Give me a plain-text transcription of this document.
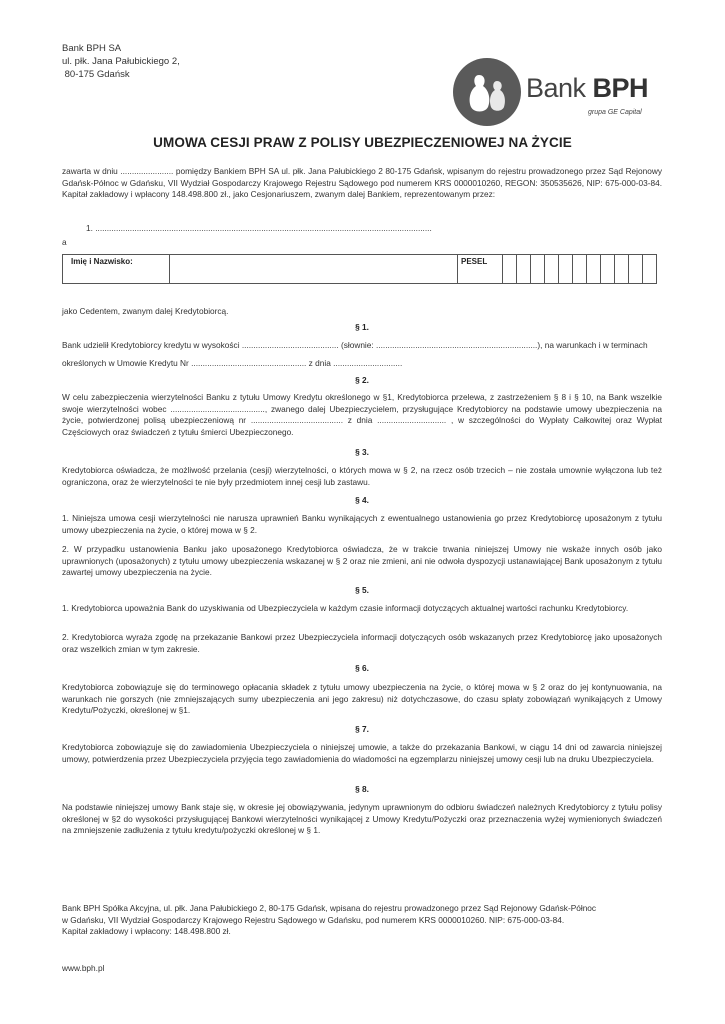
Bank BPH SA
ul. płk. Jana Pałubickiego 2,
80-175 Gdańsk	Bank BPH
grupa GE Capital
UMOWA CESJI PRAW Z POLISY UBEZPIECZENIOWEJ NA ŻYCIE
zawarta w dniu ....................... pomiędzy Bankiem BPH SA ul. płk. Jana Pałubickiego 2 80-175 Gdańsk, wpisanym do rejestru prowadzonego przez Sąd Rejonowy Gdańsk-Północ w Gdańsku, VII Wydział Gospodarczy Krajowego Rejestru Sądowego pod numerem KRS 0000010260, REGON: 350535626, NIP: 675-000-03-84. Kapitał zakładowy i wpłacony 148.498.800 zł., jako Cesjonariuszem, zwanym dalej Bankiem, reprezentowanym przez:
1. ..................................................................................................................................................
a
Imię i Nazwisko:		PESEL											
jako Cedentem, zwanym dalej Kredytobiorcą.
§ 1.
Bank udzielił Kredytobiorcy kredytu w wysokości .......................................... (słownie: ......................................................................), na warunkach i w terminach
określonych w Umowie Kredytu Nr .................................................. z dnia ..............................
§ 2.
W celu zabezpieczenia wierzytelności Banku z tytułu Umowy Kredytu określonego w §1, Kredytobiorca przelewa, z zastrzeżeniem § 8 i § 10, na Bank wszelkie swoje wierzytelności wobec ........................................., zwanego dalej Ubezpieczycielem, przysługujące Kredytobiorcy na podstawie umowy ubezpieczenia na życie, potwierdzonej polisą ubezpieczeniową nr ........................................ z dnia .............................. , w szczególności do Wypłaty Całkowitej oraz Wypłat Częściowych oraz świadczeń z tytułu śmierci Ubezpieczonego.
§ 3.
Kredytobiorca oświadcza, że możliwość przelania (cesji) wierzytelności, o których mowa w § 2, na rzecz osób trzecich – nie została umownie wyłączona lub też ograniczona, oraz że wierzytelności te nie były przedmiotem innej cesji lub zastawu.
§ 4.
1. Niniejsza umowa cesji wierzytelności nie narusza uprawnień Banku wynikających z ewentualnego ustanowienia go przez Kredytobiorcę uposażonym z tytułu umowy ubezpieczenia na życie, o której mowa w § 2.
2. W przypadku ustanowienia Banku jako uposażonego Kredytobiorca oświadcza, że w trakcie trwania niniejszej Umowy nie wskaże innych osób jako uprawnionych (uposażonych) z tytułu umowy ubezpieczenia wskazanej w § 2 oraz nie zmieni, ani nie odwoła dyspozycji ustanawiającej Bank uposażonym z tytułu zawartej umowy ubezpieczenia na życie.
§ 5.
1. Kredytobiorca upoważnia Bank do uzyskiwania od Ubezpieczyciela w każdym czasie informacji dotyczących aktualnej wartości rachunku Kredytobiorcy.
2. Kredytobiorca wyraża zgodę na przekazanie Bankowi przez Ubezpieczyciela informacji dotyczących osób wskazanych przez Kredytobiorcę jako uposażonych oraz wszelkich zmian w tym zakresie.
§ 6.
Kredytobiorca zobowiązuje się do terminowego opłacania składek z tytułu umowy ubezpieczenia na życie, o której mowa w § 2 oraz do jej kontynuowania, na warunkach nie gorszych (nie zmniejszających sumy ubezpieczenia ani jego zakresu) niż dotychczasowe, do czasu spłaty zobowiązań wynikających z Umowy Kredytu/Pożyczki, określonej w §1.
§ 7.
Kredytobiorca zobowiązuje się do zawiadomienia Ubezpieczyciela o niniejszej umowie, a także do przekazania Bankowi, w ciągu 14 dni od zawarcia niniejszej umowy, potwierdzenia przez Ubezpieczyciela przyjęcia tego zawiadomienia do wiadomości na egzemplarzu niniejszej umowy cesji lub na druku Ubezpieczyciela.
§ 8.
Na podstawie niniejszej umowy Bank staje się, w okresie jej obowiązywania, jedynym uprawnionym do odbioru świadczeń należnych Kredytobiorcy z tytułu polisy określonej w §2 do wysokości przysługującej Bankowi wierzytelności wynikającej z Umowy Kredytu/Pożyczki oraz przeznaczenia wyżej wymienionych świadczeń na zmniejszenie zadłużenia z tytułu kredytu/pożyczki określonej w § 1.
Bank BPH Spółka Akcyjna, ul. płk. Jana Pałubickiego 2, 80-175 Gdańsk, wpisana do rejestru prowadzonego przez Sąd Rejonowy Gdańsk-Północ
w Gdańsku, VII Wydział Gospodarczy Krajowego Rejestru Sądowego w Gdańsku, pod numerem KRS 0000010260. NIP: 675-000-03-84.
Kapitał zakładowy i wpłacony: 148.498.800 zł.
www.bph.pl
